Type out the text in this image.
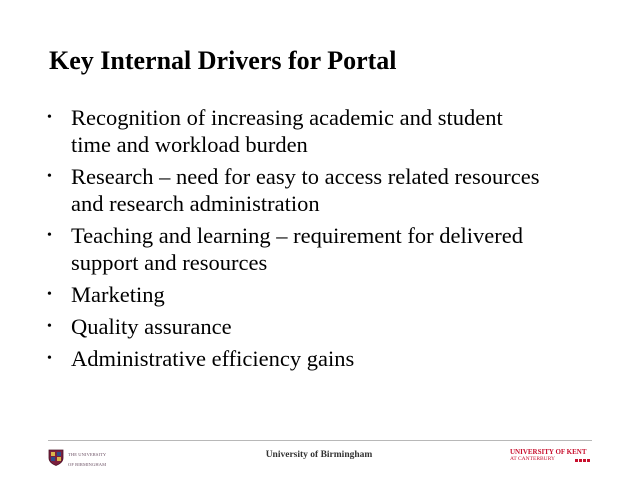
Key Internal Drivers for Portal
• Recognition of increasing academic and student
time and workload burden
• Research – need for easy to access related resources
and research administration
• Teaching and learning – requirement for delivered
support and resources
• Marketing
• Quality assurance
• Administrative efficiency gains

THE UNIVERSITY

OF BIRMINGHAM

University of Birmingham	UNIVERSITY OF KENT
AT CANTERBURY
